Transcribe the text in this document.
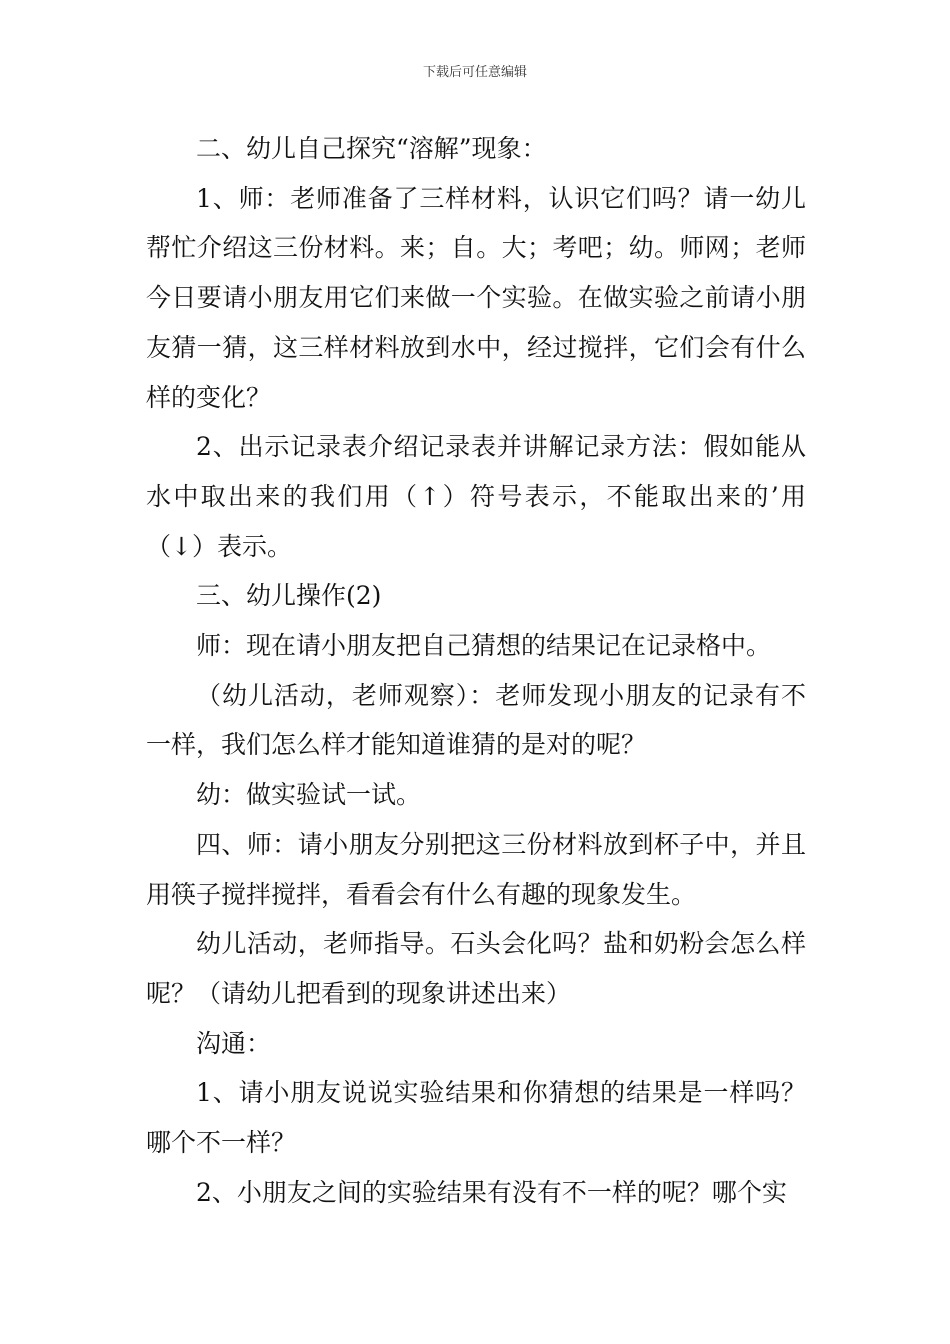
下载后可任意编辑

二、幼儿自己探究“溶解”现象：

1、师：老师准备了三样材料，认识它们吗？请一幼儿帮忙介绍这三份材料。来；自。大；考吧；幼。师网；老师今日要请小朋友用它们来做一个实验。在做实验之前请小朋友猜一猜，这三样材料放到水中，经过搅拌，它们会有什么样的变化？

2、出示记录表介绍记录表并讲解记录方法：假如能从水中取出来的我们用（↑）符号表示，不能取出来的’用（↓）表示。

三、幼儿操作(2)

师：现在请小朋友把自己猜想的结果记在记录格中。

（幼儿活动，老师观察）：老师发现小朋友的记录有不一样，我们怎么样才能知道谁猜的是对的呢？

幼：做实验试一试。

四、师：请小朋友分别把这三份材料放到杯子中，并且用筷子搅拌搅拌，看看会有什么有趣的现象发生。

幼儿活动，老师指导。石头会化吗？盐和奶粉会怎么样呢？（请幼儿把看到的现象讲述出来）

沟通：

1、请小朋友说说实验结果和你猜想的结果是一样吗？哪个不一样？

2、小朋友之间的实验结果有没有不一样的呢？哪个实
